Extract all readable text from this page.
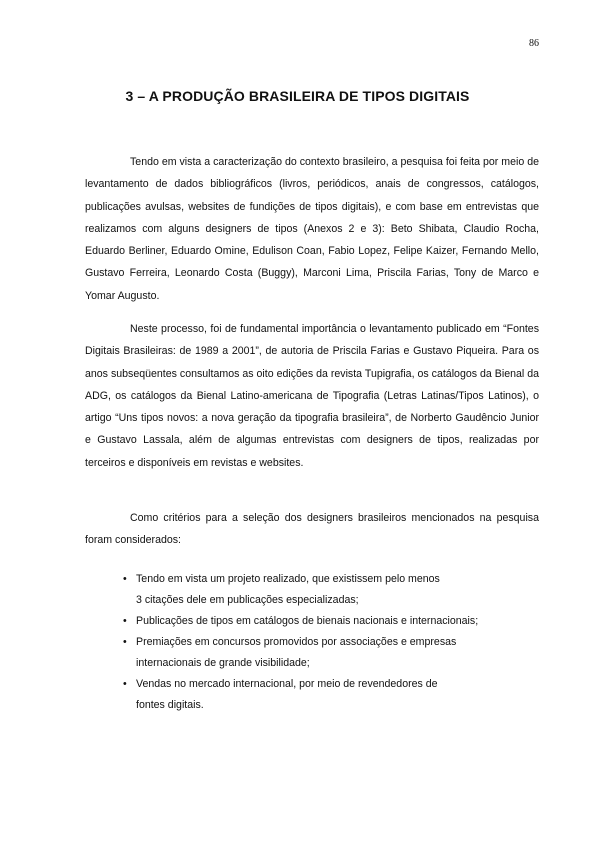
86
3 – A PRODUÇÃO BRASILEIRA DE TIPOS DIGITAIS

Tendo em vista a caracterização do contexto brasileiro, a pesquisa foi feita por meio de levantamento de dados bibliográficos (livros, periódicos, anais de congressos, catálogos, publicações avulsas, websites de fundições de tipos digitais), e com base em entrevistas que realizamos com alguns designers de tipos (Anexos 2 e 3): Beto Shibata, Claudio Rocha, Eduardo Berliner, Eduardo Omine, Edulison Coan, Fabio Lopez, Felipe Kaizer, Fernando Mello, Gustavo Ferreira, Leonardo Costa (Buggy), Marconi Lima, Priscila Farias, Tony de Marco e Yomar Augusto.

Neste processo, foi de fundamental importância o levantamento publicado em “Fontes Digitais Brasileiras: de 1989 a 2001”, de autoria de Priscila Farias e Gustavo Piqueira. Para os anos subseqüentes consultamos as oito edições da revista Tupigrafia, os catálogos da Bienal da ADG, os catálogos da Bienal Latino-americana de Tipografia (Letras Latinas/Tipos Latinos), o artigo “Uns tipos novos: a nova geração da tipografia brasileira”, de Norberto Gaudêncio Junior e Gustavo Lassala, além de algumas entrevistas com designers de tipos, realizadas por terceiros e disponíveis em revistas e websites.

Como critérios para a seleção dos designers brasileiros mencionados na pesquisa foram considerados:

• Tendo em vista um projeto realizado, que existissem pelo menos
3 citações dele em publicações especializadas;
• Publicações de tipos em catálogos de bienais nacionais e internacionais;
• Premiações em concursos promovidos por associações e empresas
internacionais de grande visibilidade;
• Vendas no mercado internacional, por meio de revendedores de
fontes digitais.
